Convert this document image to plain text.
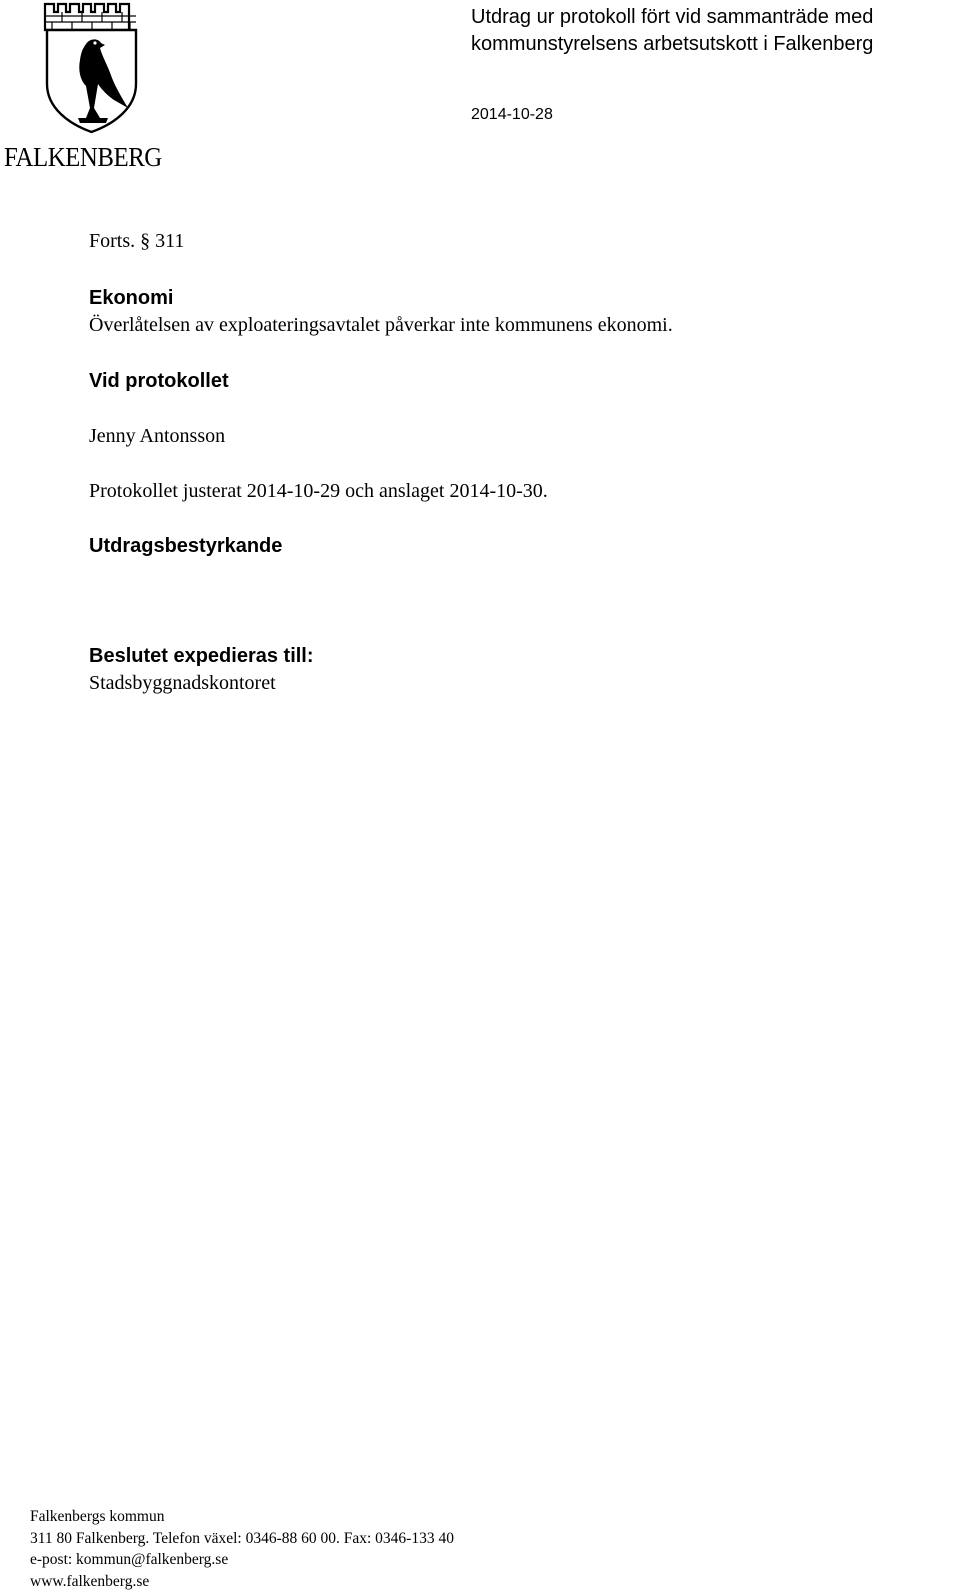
FALKENBERG
Utdrag ur protokoll fört vid sammanträde med
kommunstyrelsens arbetsutskott i Falkenberg
2014-10-28
Forts. § 311
Ekonomi
Överlåtelsen av exploateringsavtalet påverkar inte kommunens ekonomi.
Vid protokollet
Jenny Antonsson
Protokollet justerat 2014-10-29 och anslaget 2014-10-30.
Utdragsbestyrkande
Beslutet expedieras till:
Stadsbyggnadskontoret
Falkenbergs kommun
311 80 Falkenberg. Telefon växel: 0346-88 60 00. Fax: 0346-133 40
e-post: kommun@falkenberg.se
www.falkenberg.se
